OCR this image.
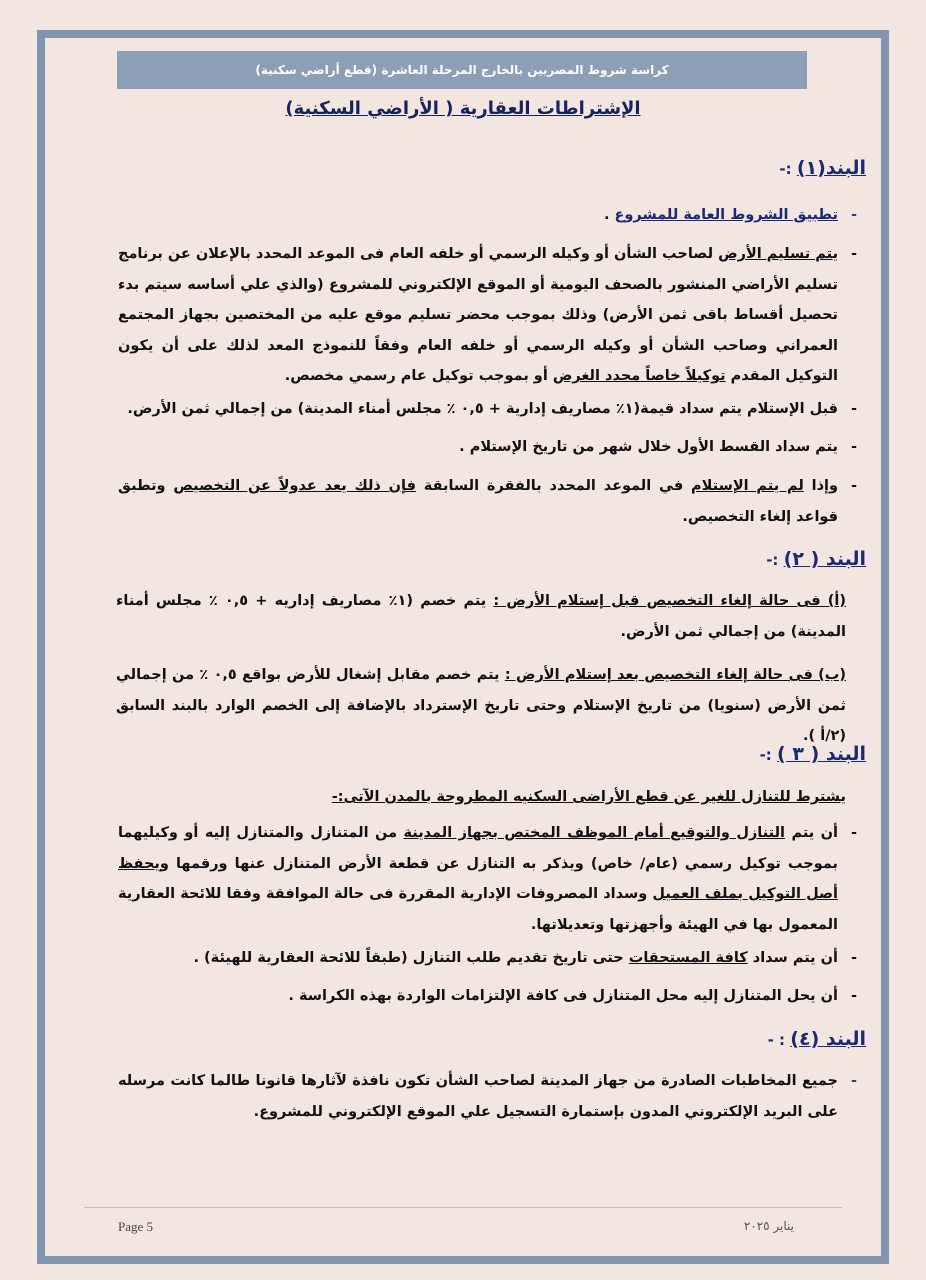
كراسة شروط المصريين بالخارج المرحلة العاشرة (قطع أراضي سكنية)
الإشتراطات العقارية ( الأراضي السكنية)
البند(١) :-
-
تطبيق الشروط العامة للمشروع .
-
يتم تسليم الأرض لصاحب الشأن أو وكيله الرسمي أو خلفه العام فى الموعد المحدد بالإعلان عن برنامج تسليم الأراضي المنشور بالصحف اليومية أو الموقع الإلكتروني للمشروع (والذي علي أساسه سيتم بدء تحصيل أقساط باقى ثمن الأرض) وذلك بموجب محضر تسليم موقع عليه من المختصين بجهاز المجتمع العمراني وصاحب الشأن أو وكيله الرسمي أو خلفه العام وفقاً للنموذج المعد لذلك على أن يكون التوكيل المقدم توكيلاً خاصاً محدد الغرض أو بموجب توكيل عام رسمي مخصص.
-
قبل الإستلام يتم سداد قيمة(١٪ مصاريف إدارية + ٠,٥ ٪ مجلس أمناء المدينة) من إجمالي ثمن الأرض.
-
يتم سداد القسط الأول خلال شهر من تاريخ الإستلام .
-
وإذا لم يتم الإستلام في الموعد المحدد بالفقرة السابقة فإن ذلك يعد عدولاً عن التخصيص وتطبق قواعد إلغاء التخصيص.
البند ( ٢) :-
(أ) فى حالة إلغاء التخصيص قبل إستلام الأرض : يتم خصم (١٪ مصاريف إداريه + ٠,٥ ٪ مجلس أمناء المدينة) من إجمالي ثمن الأرض.
(ب) فى حالة إلغاء التخصيص بعد إستلام الأرض : يتم خصم مقابل إشغال للأرض بواقع ٠,٥ ٪ من إجمالي ثمن الأرض (سنويا) من تاريخ الإستلام وحتى تاريخ الإسترداد بالإضافة إلى الخصم الوارد بالبند السابق (٢/أ ).
البند ( ٣ ) :-
يشترط للتنازل للغير عن قطع الأراضى السكنيه المطروحة بالمدن الآتى:-
-
أن يتم التنازل والتوقيع أمام الموظف المختص بجهاز المدينة من المتنازل والمتنازل إليه أو وكيليهما بموجب توكيل رسمي (عام/ خاص) ويذكر به التنازل عن قطعة الأرض المتنازل عنها ورقمها ويحفظ أصل التوكيل بملف العميل وسداد المصروفات الإدارية المقررة فى حالة الموافقة وفقا للائحة العقارية المعمول بها في الهيئة وأجهزتها وتعديلاتها.
-
أن يتم سداد كافة المستحقات حتى تاريخ تقديم طلب التنازل (طبقاً للائحة العقارية للهيئة) .
-
أن يحل المتنازل إليه محل المتنازل فى كافة الإلتزامات الواردة بهذه الكراسة .
البند (٤) : -
-
جميع المخاطبات الصادرة من جهاز المدينة لصاحب الشأن تكون نافذة لآثارها قانونا طالما كانت مرسله على البريد الإلكتروني المدون بإستمارة التسجيل علي الموقع الإلكتروني للمشروع.
Page 5	يناير ٢٠٢٥
